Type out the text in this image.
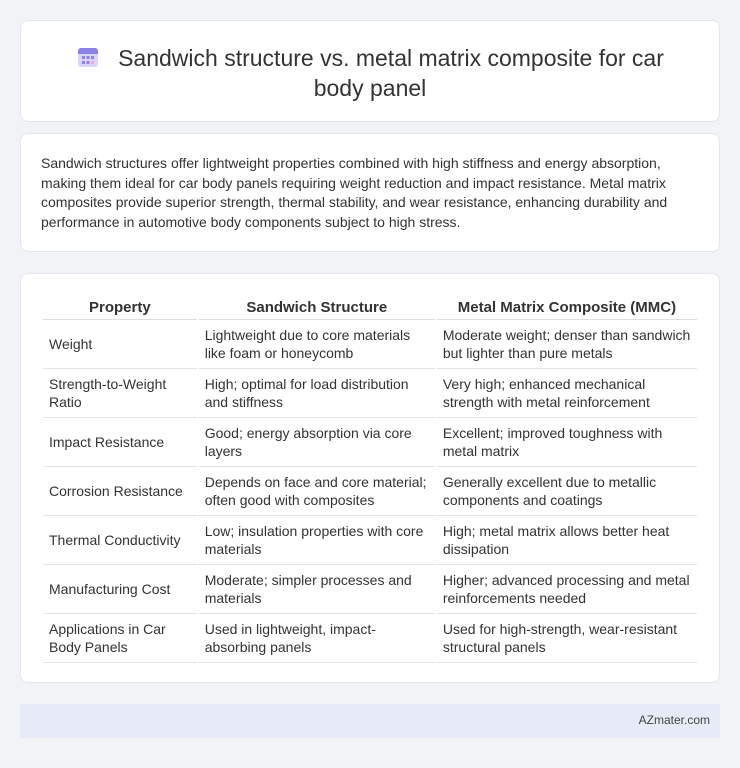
Sandwich structure vs. metal matrix composite for car body panel

Sandwich structures offer lightweight properties combined with high stiffness and energy absorption, making them ideal for car body panels requiring weight reduction and impact resistance. Metal matrix composites provide superior strength, thermal stability, and wear resistance, enhancing durability and performance in automotive body components subject to high stress.

Property	Sandwich Structure	Metal Matrix Composite (MMC)
Weight	Lightweight due to core materials like foam or honeycomb	Moderate weight; denser than sandwich but lighter than pure metals
Strength-to-Weight Ratio	High; optimal for load distribution and stiffness	Very high; enhanced mechanical strength with metal reinforcement
Impact Resistance	Good; energy absorption via core layers	Excellent; improved toughness with metal matrix
Corrosion Resistance	Depends on face and core material; often good with composites	Generally excellent due to metallic components and coatings
Thermal Conductivity	Low; insulation properties with core materials	High; metal matrix allows better heat dissipation
Manufacturing Cost	Moderate; simpler processes and materials	Higher; advanced processing and metal reinforcements needed
Applications in Car Body Panels	Used in lightweight, impact-absorbing panels	Used for high-strength, wear-resistant structural panels
AZmater.com
